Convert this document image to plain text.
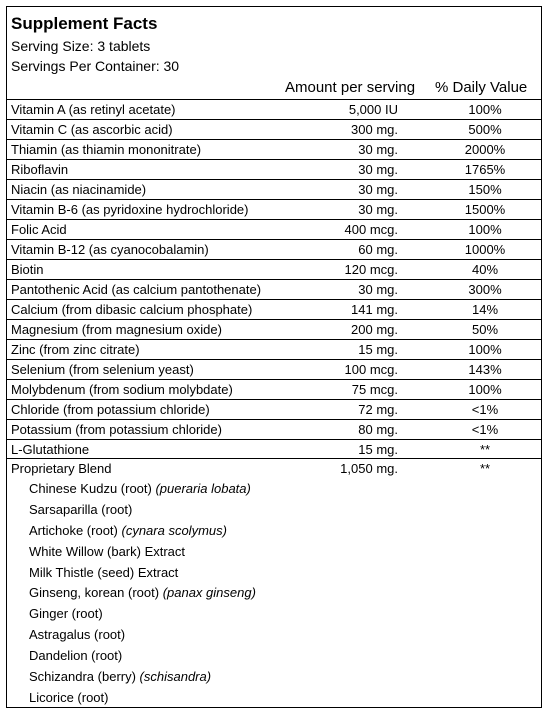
Supplement Facts
Serving Size: 3 tablets
Servings Per Container: 30
Amount per serving % Daily Value
Vitamin A (as retinyl acetate)	5,000 IU	100%
Vitamin C (as ascorbic acid)	300 mg.	500%
Thiamin (as thiamin mononitrate)	30 mg.	2000%
Riboflavin	30 mg.	1765%
Niacin (as niacinamide)	30 mg.	150%
Vitamin B-6 (as pyridoxine hydrochloride)	30 mg.	1500%
Folic Acid	400 mcg.	100%
Vitamin B-12 (as cyanocobalamin)	60 mg.	1000%
Biotin	120 mcg.	40%
Pantothenic Acid (as calcium pantothenate)	30 mg.	300%
Calcium (from dibasic calcium phosphate)	141 mg.	14%
Magnesium (from magnesium oxide)	200 mg.	50%
Zinc (from zinc citrate)	15 mg.	100%
Selenium (from selenium yeast)	100 mcg.	143%
Molybdenum (from sodium molybdate)	75 mcg.	100%
Chloride (from potassium chloride)	72 mg.	<1%
Potassium (from potassium chloride)	80 mg.	<1%
L-Glutathione	15 mg.	**
Proprietary Blend	1,050 mg.	**
Chinese Kudzu (root) (pueraria lobata)
Sarsaparilla (root)
Artichoke (root) (cynara scolymus)
White Willow (bark) Extract
Milk Thistle (seed) Extract
Ginseng, korean (root) (panax ginseng)
Ginger (root)
Astragalus (root)
Dandelion (root)
Schizandra (berry) (schisandra)
Licorice (root)
